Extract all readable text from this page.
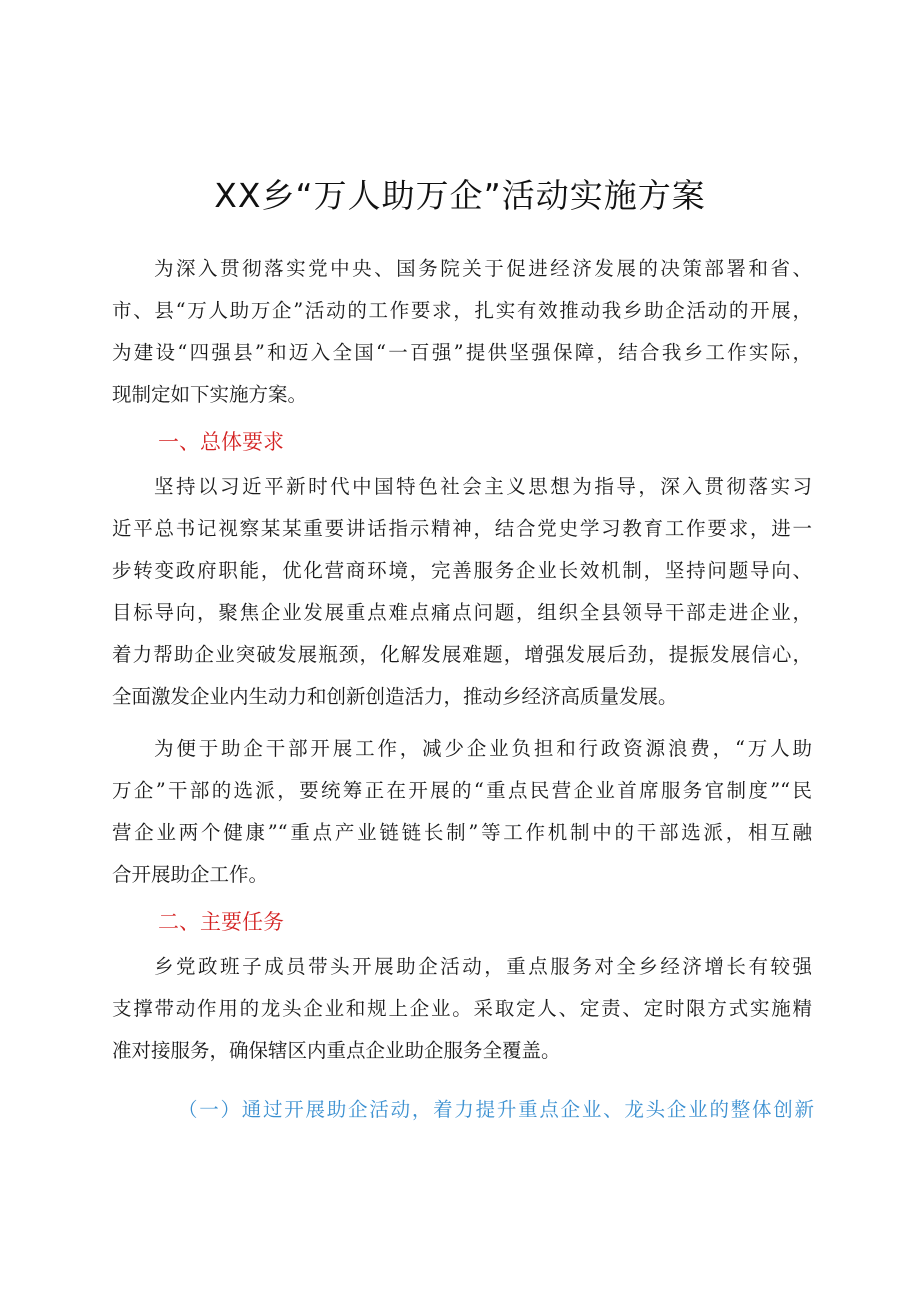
XX乡“万人助万企”活动实施方案
为深入贯彻落实党中央、国务院关于促进经济发展的决策部署和省、
市、县“万人助万企”活动的工作要求，扎实有效推动我乡助企活动的开展，
为建设“四强县”和迈入全国“一百强”提供坚强保障，结合我乡工作实际，
现制定如下实施方案。
一、总体要求
坚持以习近平新时代中国特色社会主义思想为指导，深入贯彻落实习
近平总书记视察某某重要讲话指示精神，结合党史学习教育工作要求，进一
步转变政府职能，优化营商环境，完善服务企业长效机制，坚持问题导向、
目标导向，聚焦企业发展重点难点痛点问题，组织全县领导干部走进企业，
着力帮助企业突破发展瓶颈，化解发展难题，增强发展后劲，提振发展信心，
全面激发企业内生动力和创新创造活力，推动乡经济高质量发展。
为便于助企干部开展工作，减少企业负担和行政资源浪费，“万人助
万企”干部的选派，要统筹正在开展的“重点民营企业首席服务官制度”“民
营企业两个健康”“重点产业链链长制”等工作机制中的干部选派，相互融
合开展助企工作。
二、主要任务
乡党政班子成员带头开展助企活动，重点服务对全乡经济增长有较强
支撑带动作用的龙头企业和规上企业。采取定人、定责、定时限方式实施精
准对接服务，确保辖区内重点企业助企服务全覆盖。

（一）通过开展助企活动，着力提升重点企业、龙头企业的整体创新
